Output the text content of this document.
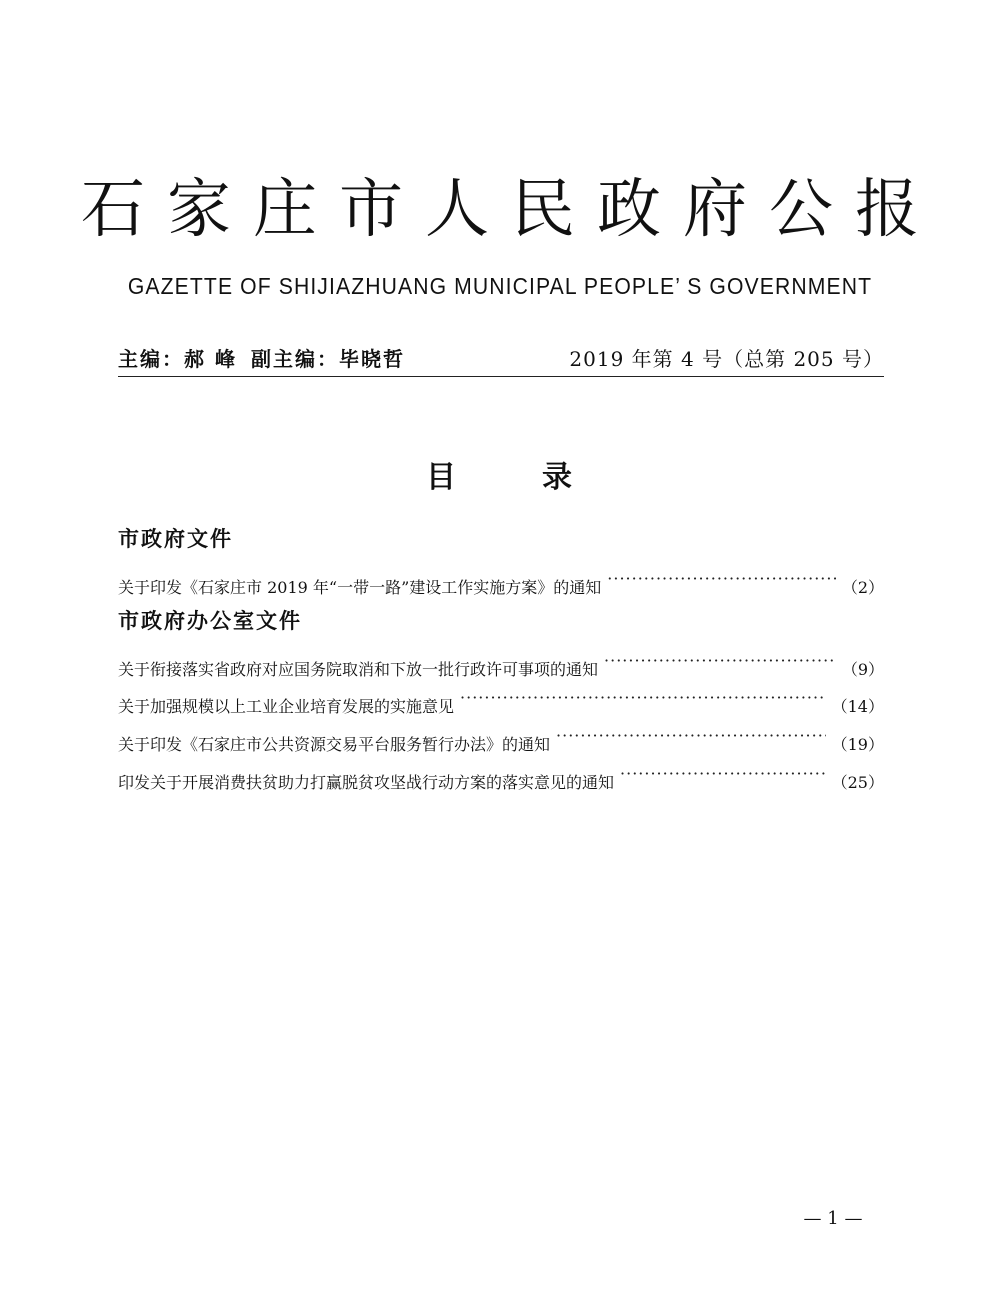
石家庄市人民政府公报
GAZETTE OF SHIJIAZHUANG MUNICIPAL PEOPLE’ S GOVERNMENT
主编：郝 峰 副主编：毕晓哲	2019 年第 4 号（总第 205 号）
目	录
市政府文件
关于印发《石家庄市 2019 年“一带一路”建设工作实施方案》的通知 ·····	（2）
市政府办公室文件
关于衔接落实省政府对应国务院取消和下放一批行政许可事项的通知 ·····	（9）
关于加强规模以上工业企业培育发展的实施意见 ·····	（14）
关于印发《石家庄市公共资源交易平台服务暂行办法》的通知 ·····	（19）
印发关于开展消费扶贫助力打赢脱贫攻坚战行动方案的落实意见的通知 ·····	（25）
— 1 —
